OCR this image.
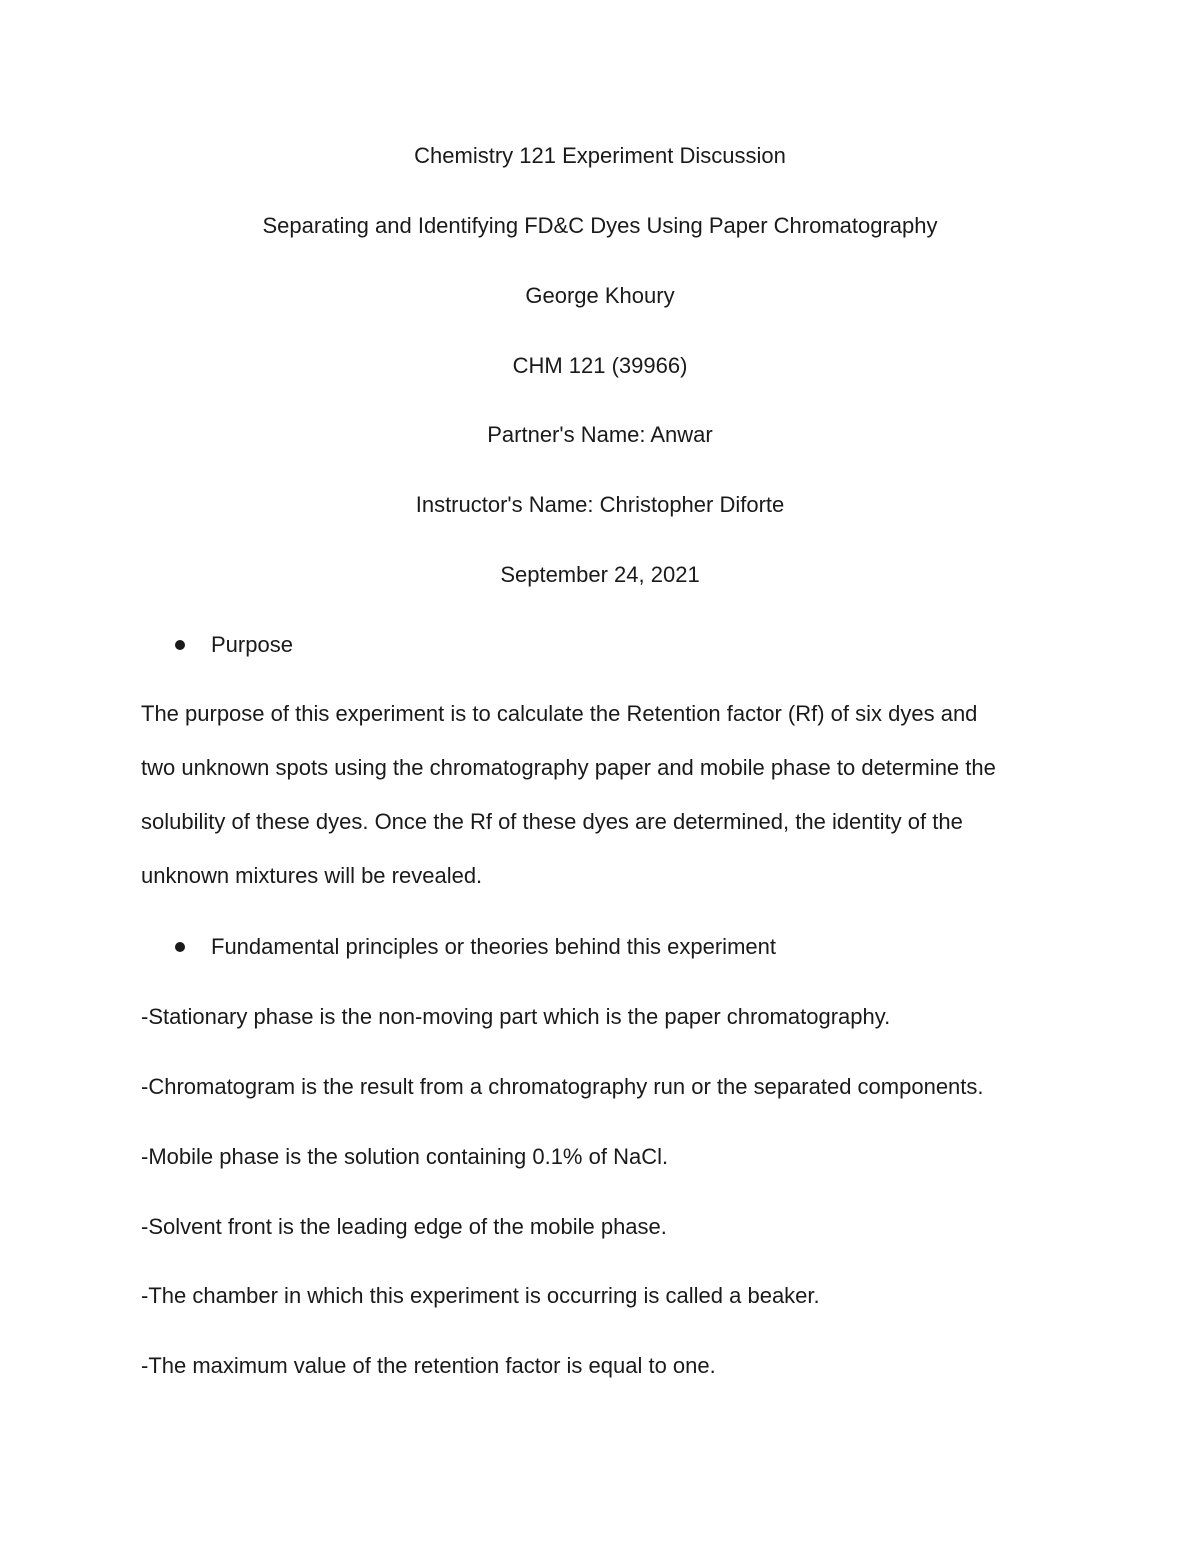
Chemistry 121 Experiment Discussion
Separating and Identifying FD&C Dyes Using Paper Chromatography
George Khoury
CHM 121 (39966)
Partner's Name: Anwar
Instructor's Name: Christopher Diforte
September 24, 2021
Purpose
The purpose of this experiment is to calculate the Retention factor (Rf) of six dyes and
two unknown spots using the chromatography paper and mobile phase to determine the
solubility of these dyes. Once the Rf of these dyes are determined, the identity of the
unknown mixtures will be revealed.
Fundamental principles or theories behind this experiment
-Stationary phase is the non-moving part which is the paper chromatography.
-Chromatogram is the result from a chromatography run or the separated components.
-Mobile phase is the solution containing 0.1% of NaCl.
-Solvent front is the leading edge of the mobile phase.
-The chamber in which this experiment is occurring is called a beaker.
-The maximum value of the retention factor is equal to one.
